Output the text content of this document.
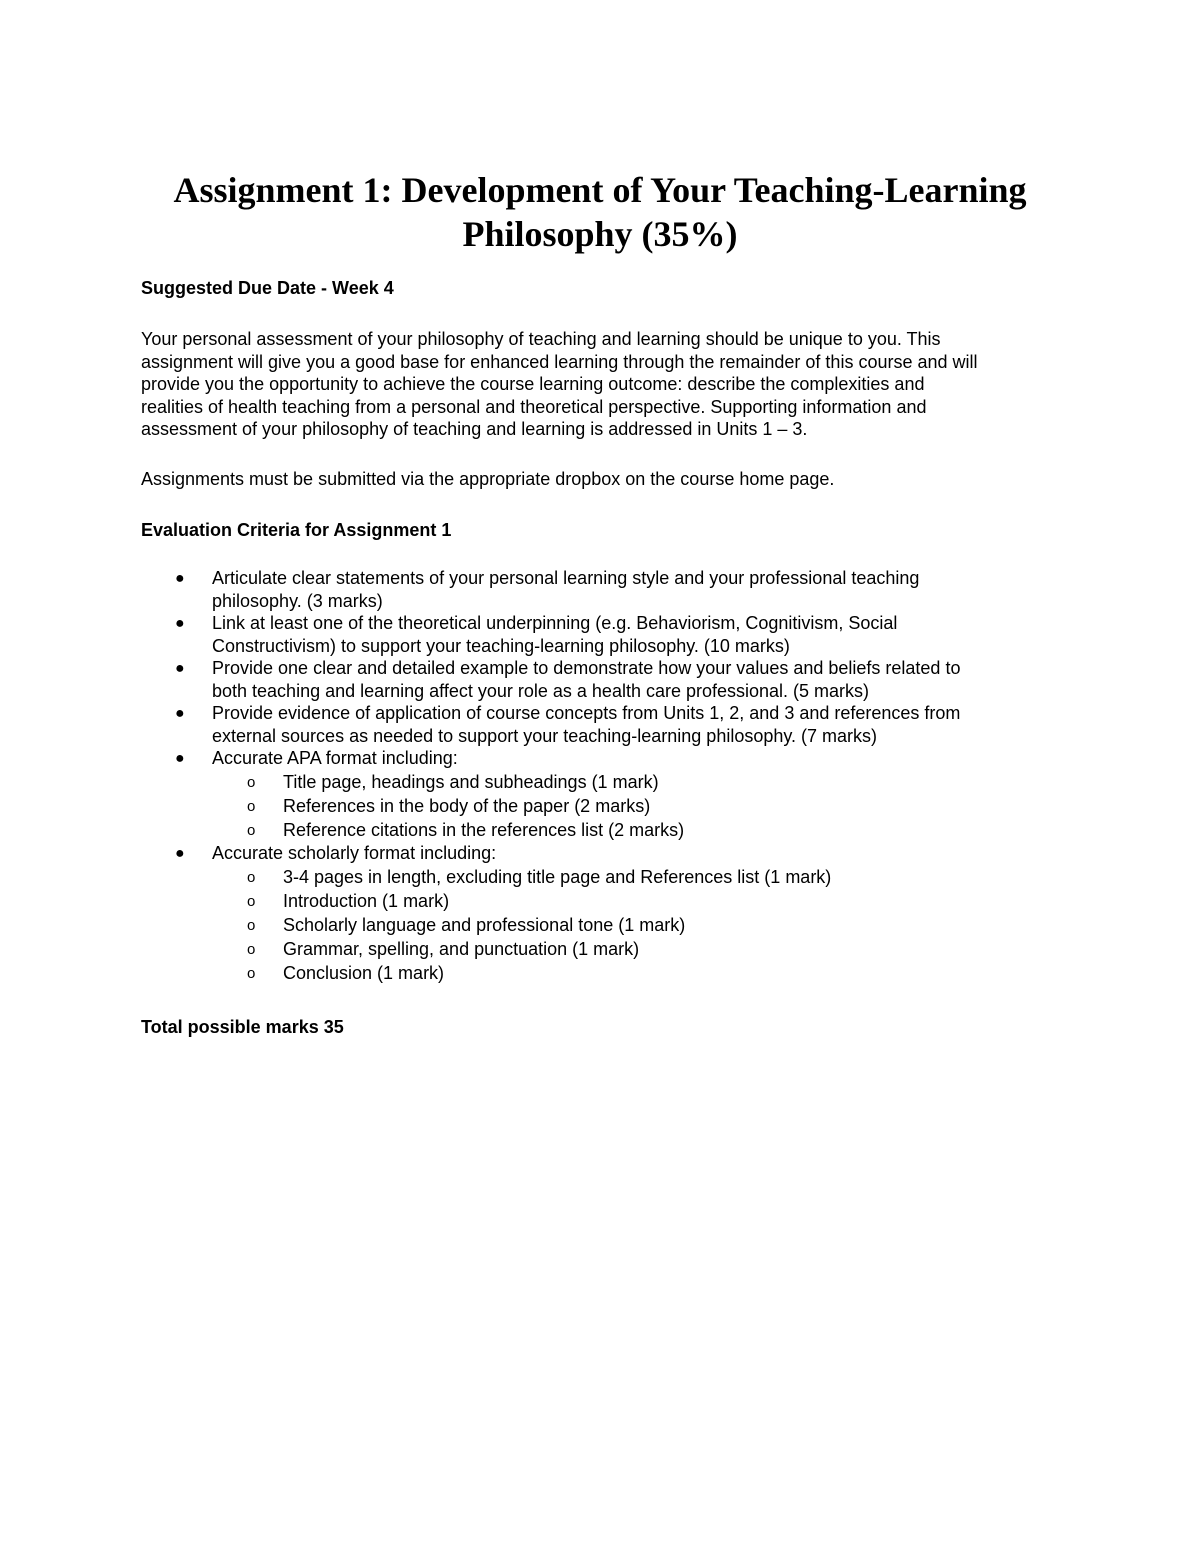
Assignment 1: Development of Your Teaching-Learning
Philosophy (35%)

Suggested Due Date - Week 4

Your personal assessment of your philosophy of teaching and learning should be unique to you. This
assignment will give you a good base for enhanced learning through the remainder of this course and will
provide you the opportunity to achieve the course learning outcome: describe the complexities and
realities of health teaching from a personal and theoretical perspective. Supporting information and
assessment of your philosophy of teaching and learning is addressed in Units 1 – 3.

Assignments must be submitted via the appropriate dropbox on the course home page.

Evaluation Criteria for Assignment 1

● Articulate clear statements of your personal learning style and your professional teaching
philosophy. (3 marks)
● Link at least one of the theoretical underpinning (e.g. Behaviorism, Cognitivism, Social
Constructivism) to support your teaching-learning philosophy. (10 marks)
● Provide one clear and detailed example to demonstrate how your values and beliefs related to
both teaching and learning affect your role as a health care professional. (5 marks)
● Provide evidence of application of course concepts from Units 1, 2, and 3 and references from
external sources as needed to support your teaching-learning philosophy. (7 marks)
● Accurate APA format including:
o Title page, headings and subheadings (1 mark)
o References in the body of the paper (2 marks)
o Reference citations in the references list (2 marks)
● Accurate scholarly format including:
o 3-4 pages in length, excluding title page and References list (1 mark)
o Introduction (1 mark)
o Scholarly language and professional tone (1 mark)
o Grammar, spelling, and punctuation (1 mark)
o Conclusion (1 mark)

Total possible marks 35
